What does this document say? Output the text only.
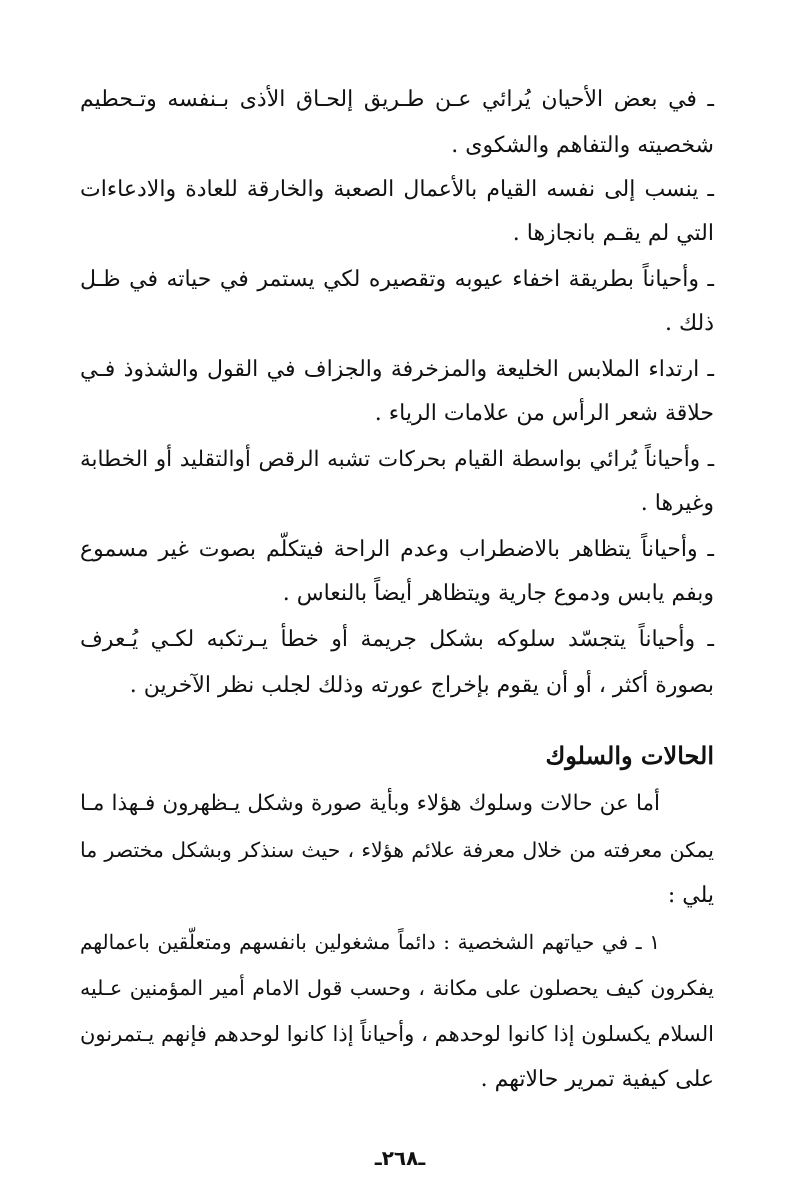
ـ في بعض الأحيان يُرائي عـن طـريق إلحـاق الأذى بـنفسه وتـحطيم
شخصيته والتفاهم والشكوى .
ـ ينسب إلى نفسه القيام بالأعمال الصعبة والخارقة للعادة والادعاءات
التي لم يقـم بانجازها .
ـ وأحياناً بطريقة اخفاء عيوبه وتقصيره لكي يستمر في حياته في ظـل
ذلك .
ـ ارتداء الملابس الخليعة والمزخرفة والجزاف في القول والشذوذ فـي
حلاقة شعر الرأس من علامات الرياء .
ـ وأحياناً يُرائي بواسطة القيام بحركات تشبه الرقص أوالتقليد أو الخطابة
وغيرها .
ـ وأحياناً يتظاهر بالاضطراب وعدم الراحة فيتكلّم بصوت غير مسموع
وبفم يابس ودموع جارية ويتظاهر أيضاً بالنعاس .
ـ وأحياناً يتجسّد سلوكه بشكل جريمة أو خطأ يـرتكبه لكـي يُـعرف
بصورة أكثر ، أو أن يقوم بإخراج عورته وذلك لجلب نظر الآخرين .
الحالات والسلوك
أما عن حالات وسلوك هؤلاء وبأية صورة وشكل يـظهرون فـهذا مـا
يمكن معرفته من خلال معرفة علائم هؤلاء ، حيث سنذكر وبشكل مختصر ما
يلي :
١ ـ في حياتهم الشخصية : دائماً مشغولين بانفسهم ومتعلّقين باعمالهم
يفكرون كيف يحصلون على مكانة ، وحسب قول الامام أمير المؤمنين عـليه
السلام يكسلون إذا كانوا لوحدهم ، وأحياناً إذا كانوا لوحدهم فإنهم يـتمرنون
على كيفية تمرير حالاتهم .
ـ٢٦٨ـ
